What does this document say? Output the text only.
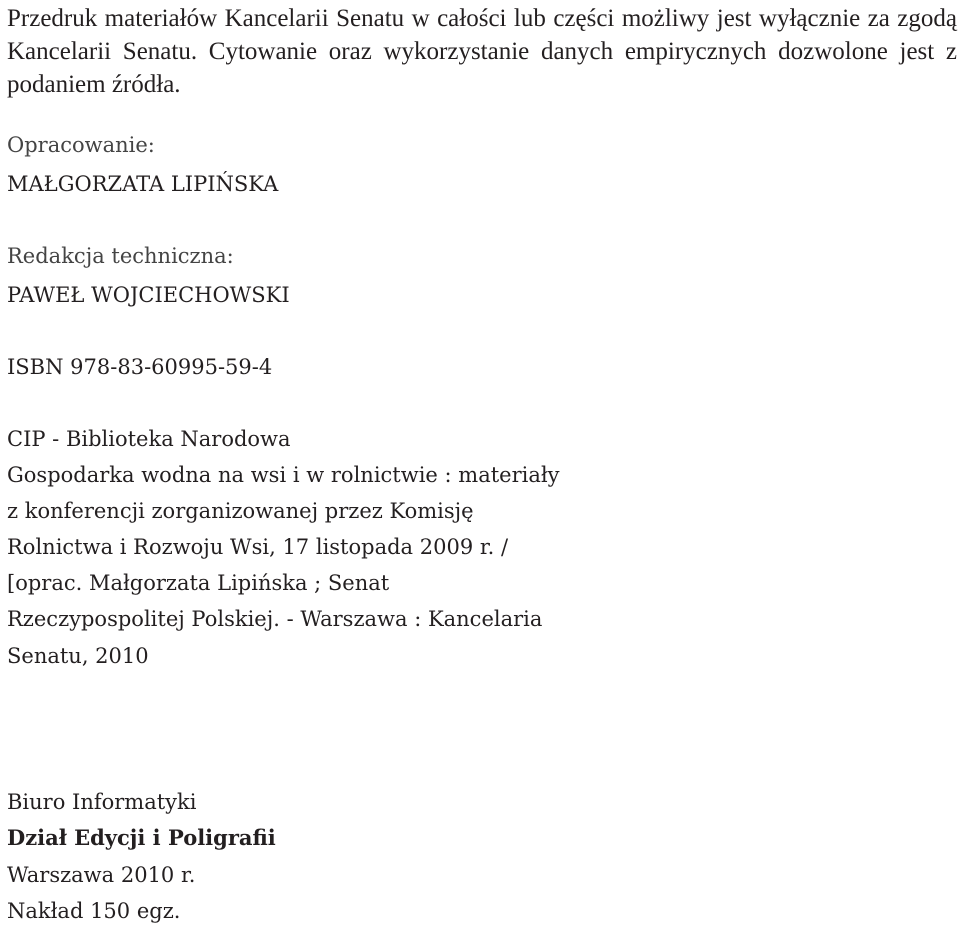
Przedruk materiałów Kancelarii Senatu w całości lub części możliwy jest wyłącznie za zgodą Kancelarii Senatu. Cytowanie oraz wykorzystanie danych empirycznych dozwolone jest z podaniem źródła.

Opracowanie:

MAŁGORZATA LIPIŃSKA

Redakcja techniczna:

PAWEŁ WOJCIECHOWSKI

ISBN 978-83-60995-59-4

CIP - Biblioteka Narodowa

Gospodarka wodna na wsi i w rolnictwie : materiały

z konferencji zorganizowanej przez Komisję

Rolnictwa i Rozwoju Wsi, 17 listopada 2009 r. /

[oprac. Małgorzata Lipińska ; Senat

Rzeczypospolitej Polskiej. - Warszawa : Kancelaria

Senatu, 2010

Biuro Informatyki

Dział Edycji i Poligrafii

Warszawa 2010 r.

Nakład 150 egz.
